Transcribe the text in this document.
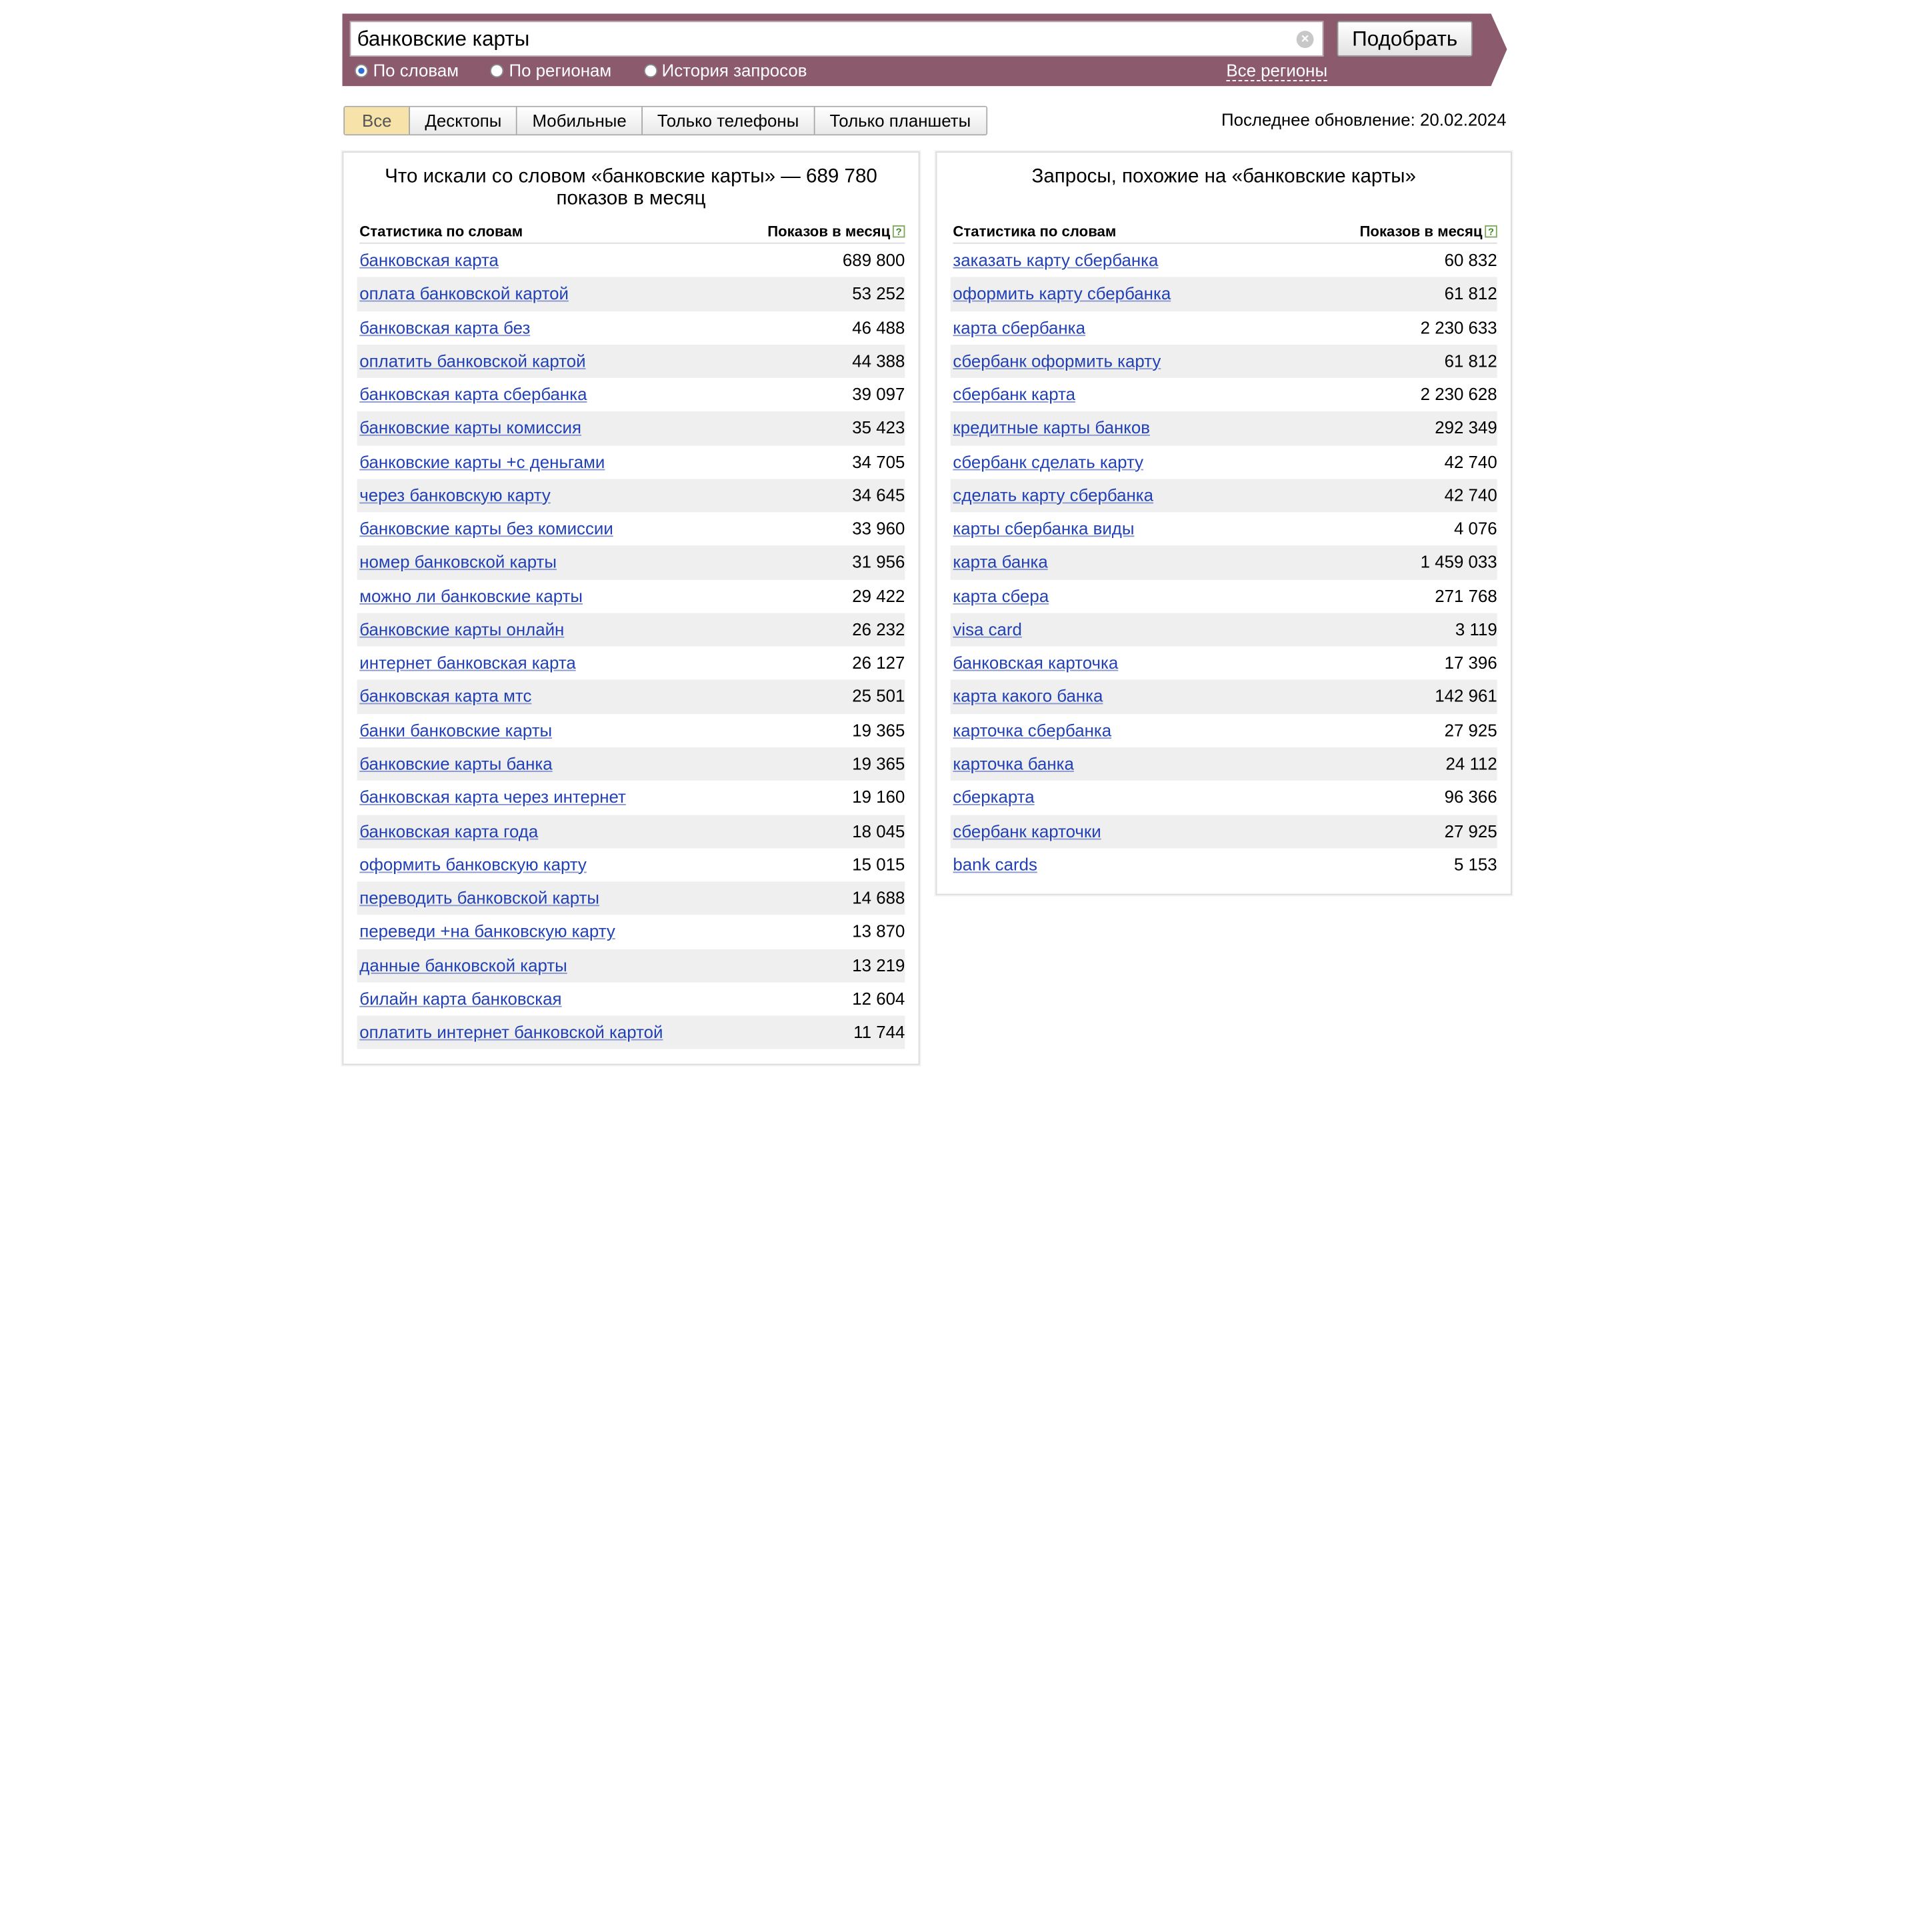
банковские карты	×	Подобрать
По словам	По регионам	История запросов	Все регионы
Все	Десктопы	Мобильные	Только телефоны	Только планшеты	Последнее обновление: 20.02.2024
Что искали со словом «банковские карты» — 689 780 показов в месяц
Статистика по словам	Показов в месяц ?
банковская карта	689 800
оплата банковской картой	53 252
банковская карта без	46 488
оплатить банковской картой	44 388
банковская карта сбербанка	39 097
банковские карты комиссия	35 423
банковские карты +с деньгами	34 705
через банковскую карту	34 645
банковские карты без комиссии	33 960
номер банковской карты	31 956
можно ли банковские карты	29 422
банковские карты онлайн	26 232
интернет банковская карта	26 127
банковская карта мтс	25 501
банки банковские карты	19 365
банковские карты банка	19 365
банковская карта через интернет	19 160
банковская карта года	18 045
оформить банковскую карту	15 015
переводить банковской карты	14 688
переведи +на банковскую карту	13 870
данные банковской карты	13 219
билайн карта банковская	12 604
оплатить интернет банковской картой	11 744
Запросы, похожие на «банковские карты»
Статистика по словам	Показов в месяц ?
заказать карту сбербанка	60 832
оформить карту сбербанка	61 812
карта сбербанка	2 230 633
сбербанк оформить карту	61 812
сбербанк карта	2 230 628
кредитные карты банков	292 349
сбербанк сделать карту	42 740
сделать карту сбербанка	42 740
карты сбербанка виды	4 076
карта банка	1 459 033
карта сбера	271 768
visa card	3 119
банковская карточка	17 396
карта какого банка	142 961
карточка сбербанка	27 925
карточка банка	24 112
сберкарта	96 366
сбербанк карточки	27 925
bank cards	5 153
